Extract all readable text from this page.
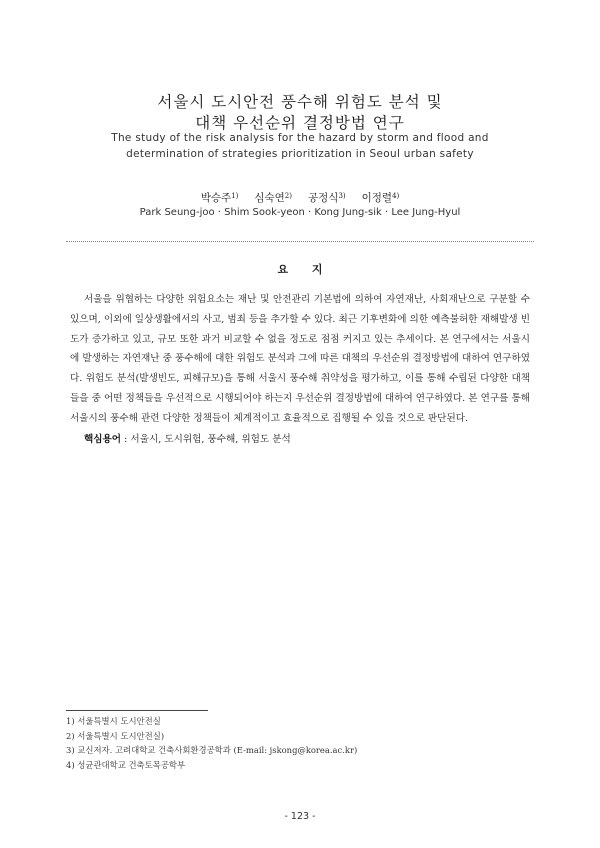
서울시 도시안전 풍수해 위험도 분석 및
대책 우선순위 결정방법 연구
The study of the risk analysis for the hazard by storm and flood and
determination of strategies prioritization in Seoul urban safety
박승주$^{1)}$ 심숙연$^{2)}$ 공정식$^{3)}$ 이정렬$^{4)}$
Park Seung-joo · Shim Sook-yeon · Kong Jung-sik · Lee Jung-Hyul
요 지
서울을 위협하는 다양한 위험요소는 재난 및 안전관리 기본법에 의하여 자연재난, 사회재난으로 구분할 수 있으며, 이외에 일상생활에서의 사고, 범죄 등을 추가할 수 있다. 최근 기후변화에 의한 예측불허한 재해발생 빈도가 증가하고 있고, 규모 또한 과거 비교할 수 없을 정도로 점점 커지고 있는 추세이다. 본 연구에서는 서울시에 발생하는 자연재난 중 풍수해에 대한 위험도 분석과 그에 따른 대책의 우선순위 결정방법에 대하여 연구하였다. 위험도 분석(발생빈도, 피해규모)을 통해 서울시 풍수해 취약성을 평가하고, 이를 통해 수립된 다양한 대책들을 중 어떤 정책들을 우선적으로 시행되어야 하는지 우선순위 결정방법에 대하여 연구하였다. 본 연구를 통해 서울시의 풍수해 관련 다양한 정책들이 체계적이고 효율적으로 집행될 수 있을 것으로 판단된다.
핵심용어 : 서울시, 도시위험, 풍수해, 위험도 분석
1) 서울특별시 도시안전실
2) 서울특별시 도시안전실)
3) 교신저자. 고려대학교 건축사회환경공학과 (E-mail: jskong@korea.ac.kr)
4) 성균관대학교 건축토목공학부
- 123 -
